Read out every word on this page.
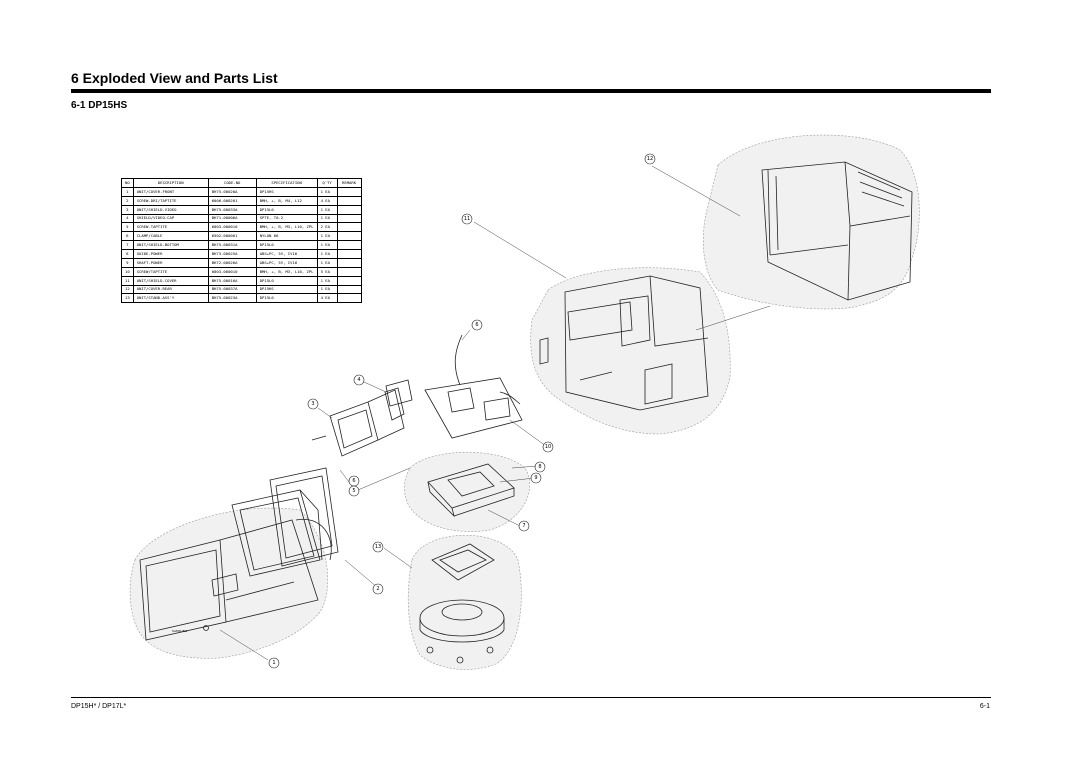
6 Exploded View and Parts List
6-1 DP15HS
NO	DESCRIPTION	CODE-NO	SPECIFICATION	Q'TY	REMARK
1	UNIT/COVER-FRONT	BH75-00020A	DP15HS	1 EA	
2	SCREW-DRI/TAPTITE	6006-000201	BMH, +, B, M4, L12	4 EA	
3	UNIT/SHIELD-VIDEO	BH75-00033A	DP15L0	1 EA	
4	SHIELD/VIDEO-CAP	BH71-00006A	SPTE, T0.2	1 EA	
5	SCREW-TAPTITE	6003-000010	BMH, +, B, M3, L10, ZPL	2 EA	
6	CLAMP/CABLE	6502-000001	NYLON 66	1 EA	
7	UNIT/SHIELD-BOTTOM	BH75-00031A	DP15L0	1 EA	
8	GUIDE-POWER	BH73-00025A	ABS+PC, 5V, IV16	1 EA	
9	SHAFT-POWER	BH72-00026A	ABS+PC, 5V, IV16	1 EA	
10	SCREW/TAPTITE	6003-000010	BMH, +, B, M3, L10, ZPL	5 EA	
11	UNIT/SHIELD-COVER	BH75-00016A	DP15L0	1 EA	
12	UNIT/COVER-REAR	BH75-00037A	DP15HS	1 EA	
13	UNIT/STAND-ASS'Y	BH75-00023A	DP15L0	4 EA	
12
11
6
4
3
6
5
10
8
9
7
13
2
1
SAMSUNG
DP15H* / DP17L*	6-1
